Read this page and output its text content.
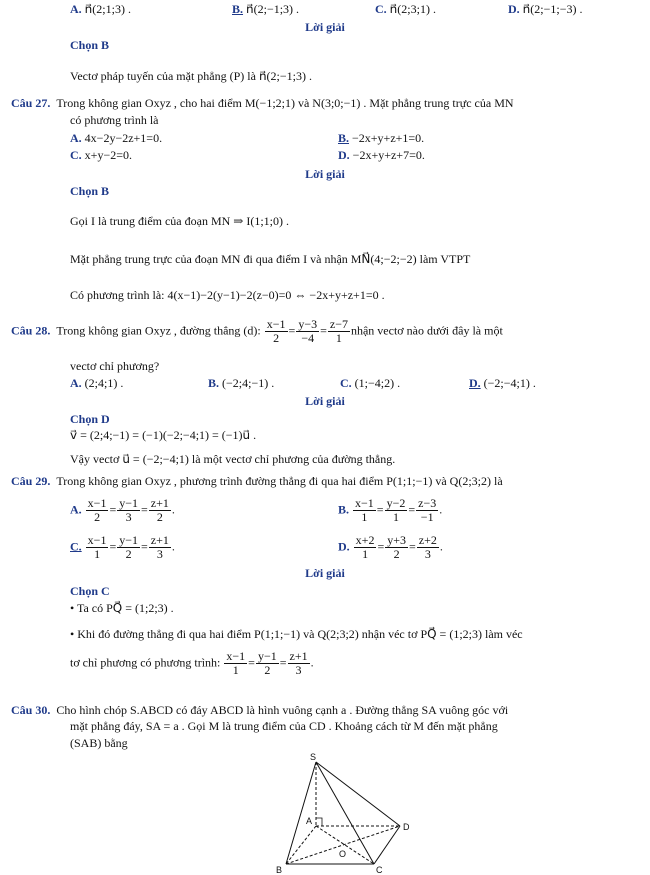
A. n⃗(2;1;3) .	B. n⃗(2;−1;3) .	C. n⃗(2;3;1) .	D. n⃗(2;−1;−3) .
Lời giải
Chọn B
Vectơ pháp tuyến của mặt phẳng (P) là n⃗(2;−1;3) .
Câu 27. Trong không gian Oxyz , cho hai điểm M(−1;2;1) và N(3;0;−1) . Mặt phẳng trung trực của MN
có phương trình là
A. 4x−2y−2z+1=0.	B. −2x+y+z+1=0.
C. x+y−2=0.	D. −2x+y+z+7=0.
Lời giải
Chọn B
Gọi I là trung điểm của đoạn MN ⇒ I(1;1;0) .
Mặt phẳng trung trực của đoạn MN đi qua điểm I và nhận MN⃗(4;−2;−2) làm VTPT
Có phương trình là: 4(x−1)−2(y−1)−2(z−0)=0 ⇔ −2x+y+z+1=0 .
Câu 28. Trong không gian Oxyz , đường thẳng (d): $\frac{x-1}{2} = \frac{y-3}{-4} = \frac{z-7}{1}$ nhận vectơ nào dưới đây là một
vectơ chỉ phương?
A. (2;4;1) .	B. (−2;4;−1) .	C. (1;−4;2) .	D. (−2;−4;1) .
Lời giải
Chọn D
v⃗ = (2;4;−1) = (−1)(−2;−4;1) = (−1)u⃗ .
Vậy vectơ u⃗ = (−2;−4;1) là một vectơ chỉ phương của đường thẳng.
Câu 29. Trong không gian Oxyz , phương trình đường thẳng đi qua hai điểm P(1;1;−1) và Q(2;3;2) là
A. $\frac{x-1}{2} = \frac{y-1}{3} = \frac{z+1}{2}$ .	B. $\frac{x-1}{1} = \frac{y-2}{1} = \frac{z-3}{-1}$ .
C. $\frac{x-1}{1} = \frac{y-1}{2} = \frac{z+1}{3}$ .	D. $\frac{x+2}{1} = \frac{y+3}{2} = \frac{z+2}{3}$ .
Lời giải
Chọn C
• Ta có PQ⃗ = (1;2;3) .
• Khi đó đường thẳng đi qua hai điểm P(1;1;−1) và Q(2;3;2) nhận véc tơ PQ⃗ = (1;2;3) làm véc
tơ chỉ phương có phương trình: $\frac{x-1}{1} = \frac{y-1}{2} = \frac{z+1}{3}$ .
Câu 30. Cho hình chóp S.ABCD có đáy ABCD là hình vuông cạnh a . Đường thẳng SA vuông góc với
mặt phẳng đáy, SA = a . Gọi M là trung điểm của CD . Khoảng cách từ M đến mặt phẳng
(SAB) bằng
S
A
B	C
D
O
